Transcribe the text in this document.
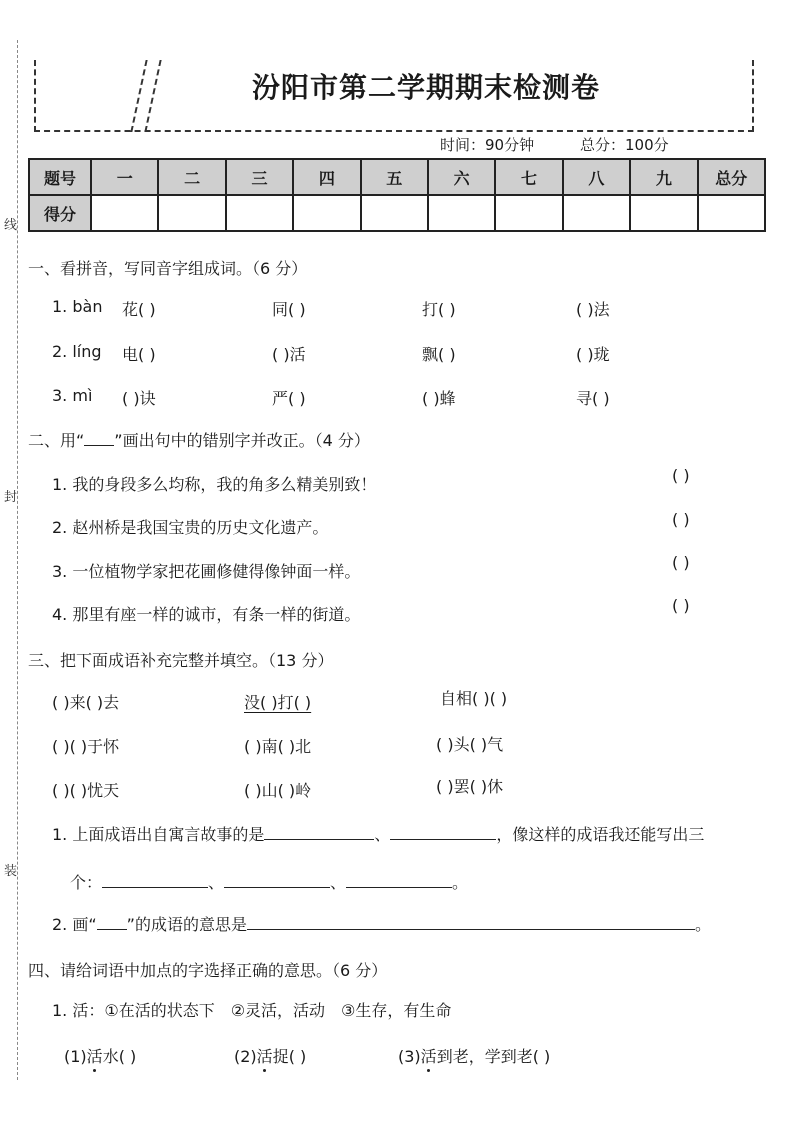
线
封
装
汾阳市第二学期期末检测卷
时间：90分钟	总分：100分
题号	一	二	三	四	五	六	七	八	九	总分
得分										
一、看拼音，写同音字组成词。（6 分）
1. bàn 花( )	同( )	打( )	( )法
2. líng 电( )	( )活	飘( )	( )珑
3. mì ( )诀	严( )	( )蜂	寻( )
二、用“ ”画出句中的错别字并改正。（4 分）
1. 我的身段多么均称，我的角多么精美别致！	( )
2. 赵州桥是我国宝贵的历史文化遗产。	( )
3. 一位植物学家把花圃修健得像钟面一样。	( )
4. 那里有座一样的诚市，有条一样的街道。	( )
三、把下面成语补充完整并填空。（13 分）
( )来( )去	没( )打( )	自相( )( )
( )( )于怀	( )南( )北	( )头( )气
( )( )忧天	( )山( )岭	( )罢( )休
1. 上面成语出自寓言故事的是	、	，像这样的成语我还能写出三
个：	、	、	。
2. 画“ ”的成语的意思是	。
四、请给词语中加点的字选择正确的意思。（6 分）
1. 活：①在活的状态下　②灵活，活动　③生存，有生命
(1)活水( )	(2)活捉( )	(3)活到老，学到老( )
